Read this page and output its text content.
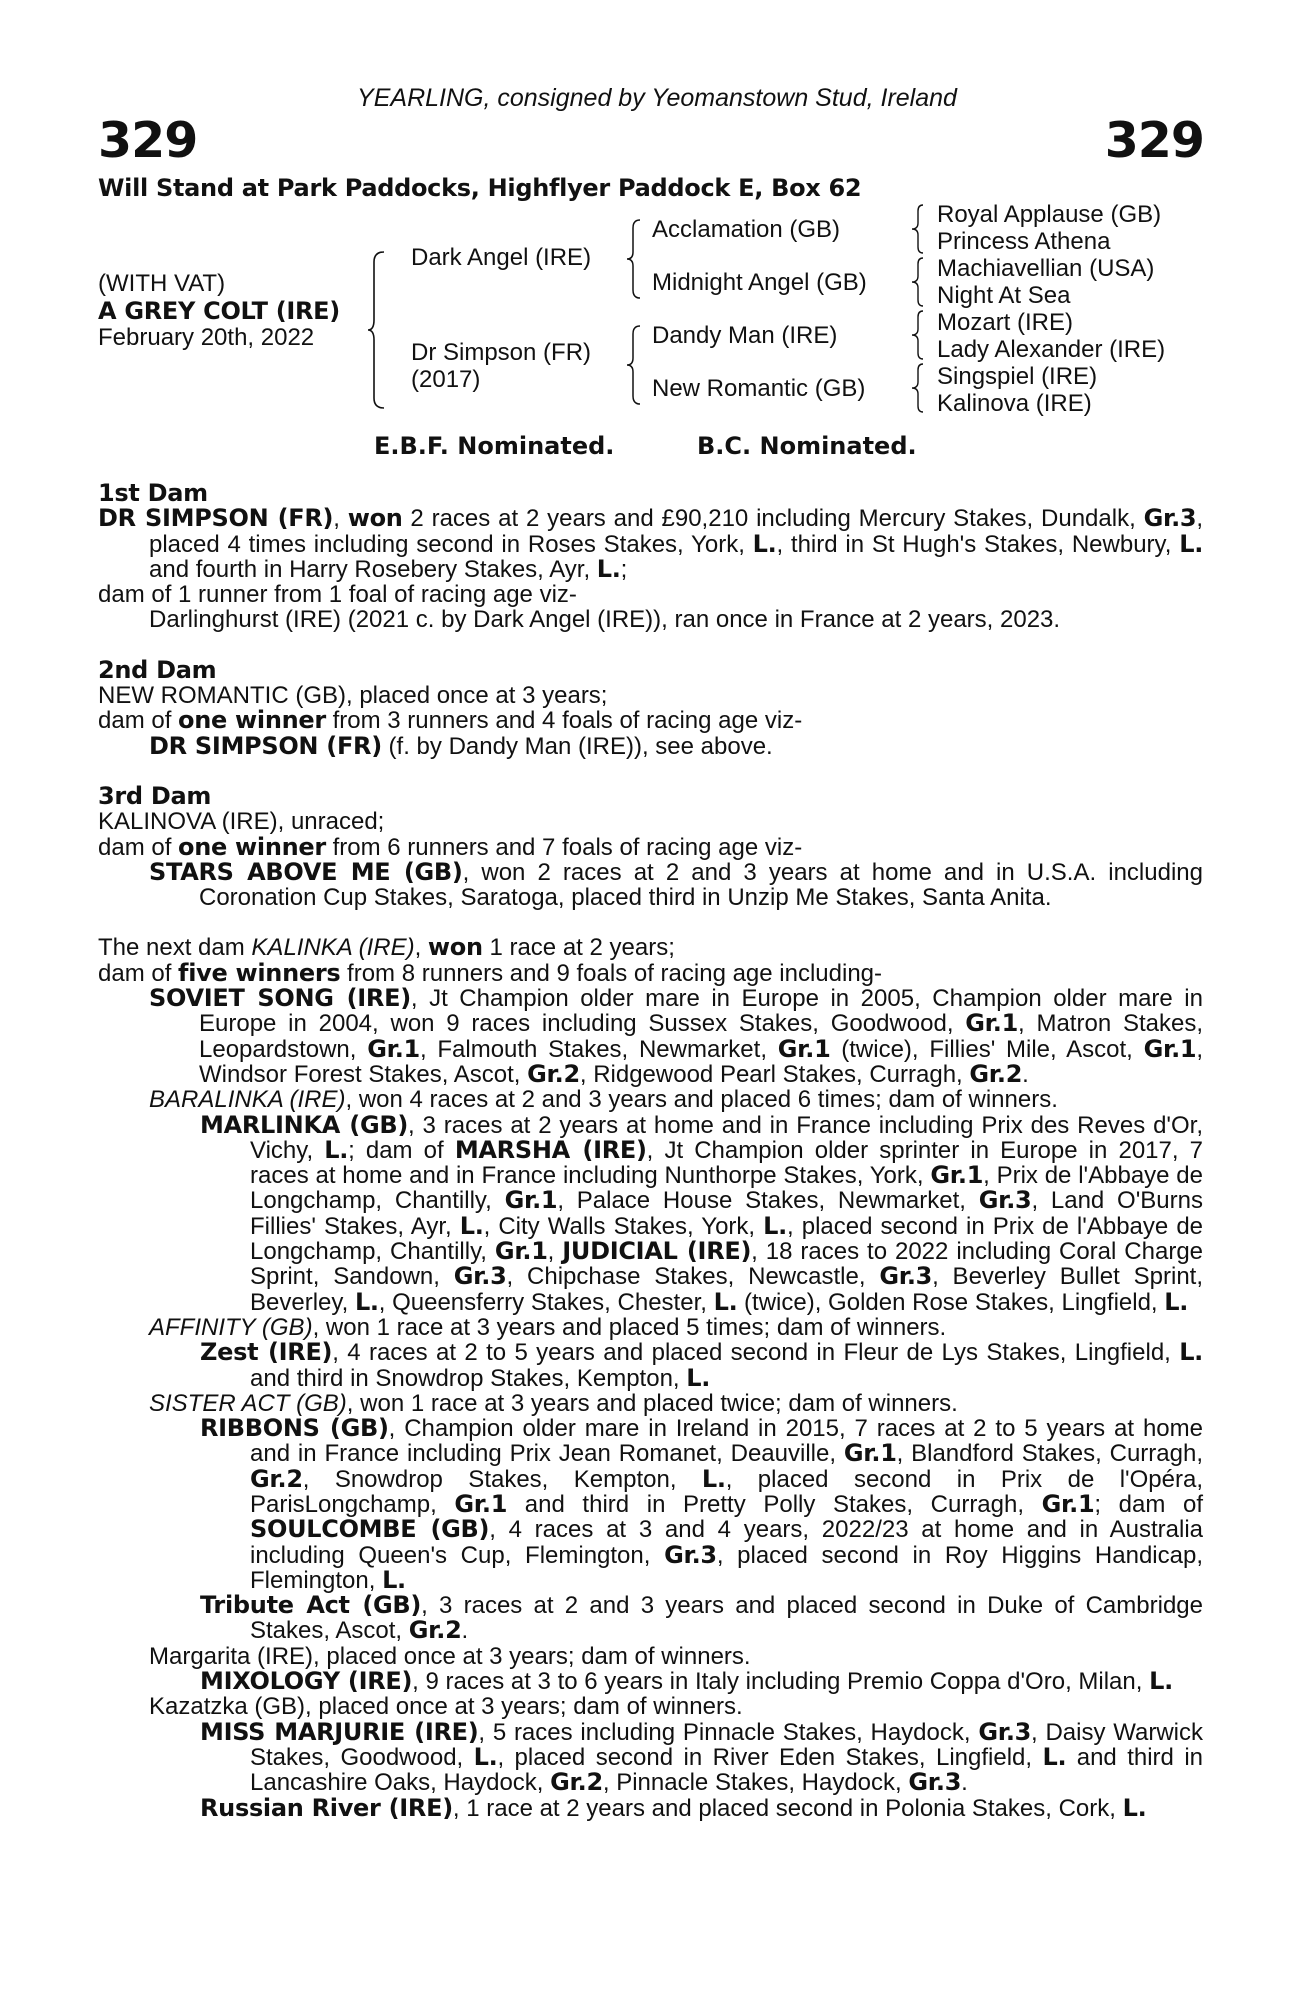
YEARLING, consigned by Yeomanstown Stud, Ireland
329	329
Will Stand at Park Paddocks, Highflyer Paddock E, Box 62
(WITH VAT)
A GREY COLT (IRE)
February 20th, 2022
Dark Angel (IRE)
Dr Simpson (FR)
(2017)
Acclamation (GB)
Midnight Angel (GB)
Dandy Man (IRE)
New Romantic (GB)
Royal Applause (GB)
Princess Athena
Machiavellian (USA)
Night At Sea
Mozart (IRE)
Lady Alexander (IRE)
Singspiel (IRE)
Kalinova (IRE)
E.B.F. Nominated.	B.C. Nominated.

1st Dam

DR SIMPSON (FR), won 2 races at 2 years and £90,210 including Mercury Stakes, Dundalk, Gr.3, placed 4 times including second in Roses Stakes, York, L., third in St Hugh's Stakes, Newbury, L. and fourth in Harry Rosebery Stakes, Ayr, L.;

dam of 1 runner from 1 foal of racing age viz-

Darlinghurst (IRE) (2021 c. by Dark Angel (IRE)), ran once in France at 2 years, 2023.

2nd Dam

NEW ROMANTIC (GB), placed once at 3 years;

dam of one winner from 3 runners and 4 foals of racing age viz-

DR SIMPSON (FR) (f. by Dandy Man (IRE)), see above.

3rd Dam

KALINOVA (IRE), unraced;

dam of one winner from 6 runners and 7 foals of racing age viz-

STARS ABOVE ME (GB), won 2 races at 2 and 3 years at home and in U.S.A. including Coronation Cup Stakes, Saratoga, placed third in Unzip Me Stakes, Santa Anita.

The next dam KALINKA (IRE), won 1 race at 2 years;

dam of five winners from 8 runners and 9 foals of racing age including-

SOVIET SONG (IRE), Jt Champion older mare in Europe in 2005, Champion older mare in Europe in 2004, won 9 races including Sussex Stakes, Goodwood, Gr.1, Matron Stakes, Leopardstown, Gr.1, Falmouth Stakes, Newmarket, Gr.1 (twice), Fillies' Mile, Ascot, Gr.1, Windsor Forest Stakes, Ascot, Gr.2, Ridgewood Pearl Stakes, Curragh, Gr.2.

BARALINKA (IRE), won 4 races at 2 and 3 years and placed 6 times; dam of winners.

MARLINKA (GB), 3 races at 2 years at home and in France including Prix des Reves d'Or, Vichy, L.; dam of MARSHA (IRE), Jt Champion older sprinter in Europe in 2017, 7 races at home and in France including Nunthorpe Stakes, York, Gr.1, Prix de l'Abbaye de Longchamp, Chantilly, Gr.1, Palace House Stakes, Newmarket, Gr.3, Land O'Burns Fillies' Stakes, Ayr, L., City Walls Stakes, York, L., placed second in Prix de l'Abbaye de Longchamp, Chantilly, Gr.1, JUDICIAL (IRE), 18 races to 2022 including Coral Charge Sprint, Sandown, Gr.3, Chipchase Stakes, Newcastle, Gr.3, Beverley Bullet Sprint, Beverley, L., Queensferry Stakes, Chester, L. (twice), Golden Rose Stakes, Lingfield, L.

AFFINITY (GB), won 1 race at 3 years and placed 5 times; dam of winners.

Zest (IRE), 4 races at 2 to 5 years and placed second in Fleur de Lys Stakes, Lingfield, L. and third in Snowdrop Stakes, Kempton, L.

SISTER ACT (GB), won 1 race at 3 years and placed twice; dam of winners.

RIBBONS (GB), Champion older mare in Ireland in 2015, 7 races at 2 to 5 years at home and in France including Prix Jean Romanet, Deauville, Gr.1, Blandford Stakes, Curragh, Gr.2, Snowdrop Stakes, Kempton, L., placed second in Prix de l'Opéra, ParisLongchamp, Gr.1 and third in Pretty Polly Stakes, Curragh, Gr.1; dam of SOULCOMBE (GB), 4 races at 3 and 4 years, 2022/23 at home and in Australia including Queen's Cup, Flemington, Gr.3, placed second in Roy Higgins Handicap, Flemington, L.

Tribute Act (GB), 3 races at 2 and 3 years and placed second in Duke of Cambridge Stakes, Ascot, Gr.2.

Margarita (IRE), placed once at 3 years; dam of winners.

MIXOLOGY (IRE), 9 races at 3 to 6 years in Italy including Premio Coppa d'Oro, Milan, L.

Kazatzka (GB), placed once at 3 years; dam of winners.

MISS MARJURIE (IRE), 5 races including Pinnacle Stakes, Haydock, Gr.3, Daisy Warwick Stakes, Goodwood, L., placed second in River Eden Stakes, Lingfield, L. and third in Lancashire Oaks, Haydock, Gr.2, Pinnacle Stakes, Haydock, Gr.3.

Russian River (IRE), 1 race at 2 years and placed second in Polonia Stakes, Cork, L.
